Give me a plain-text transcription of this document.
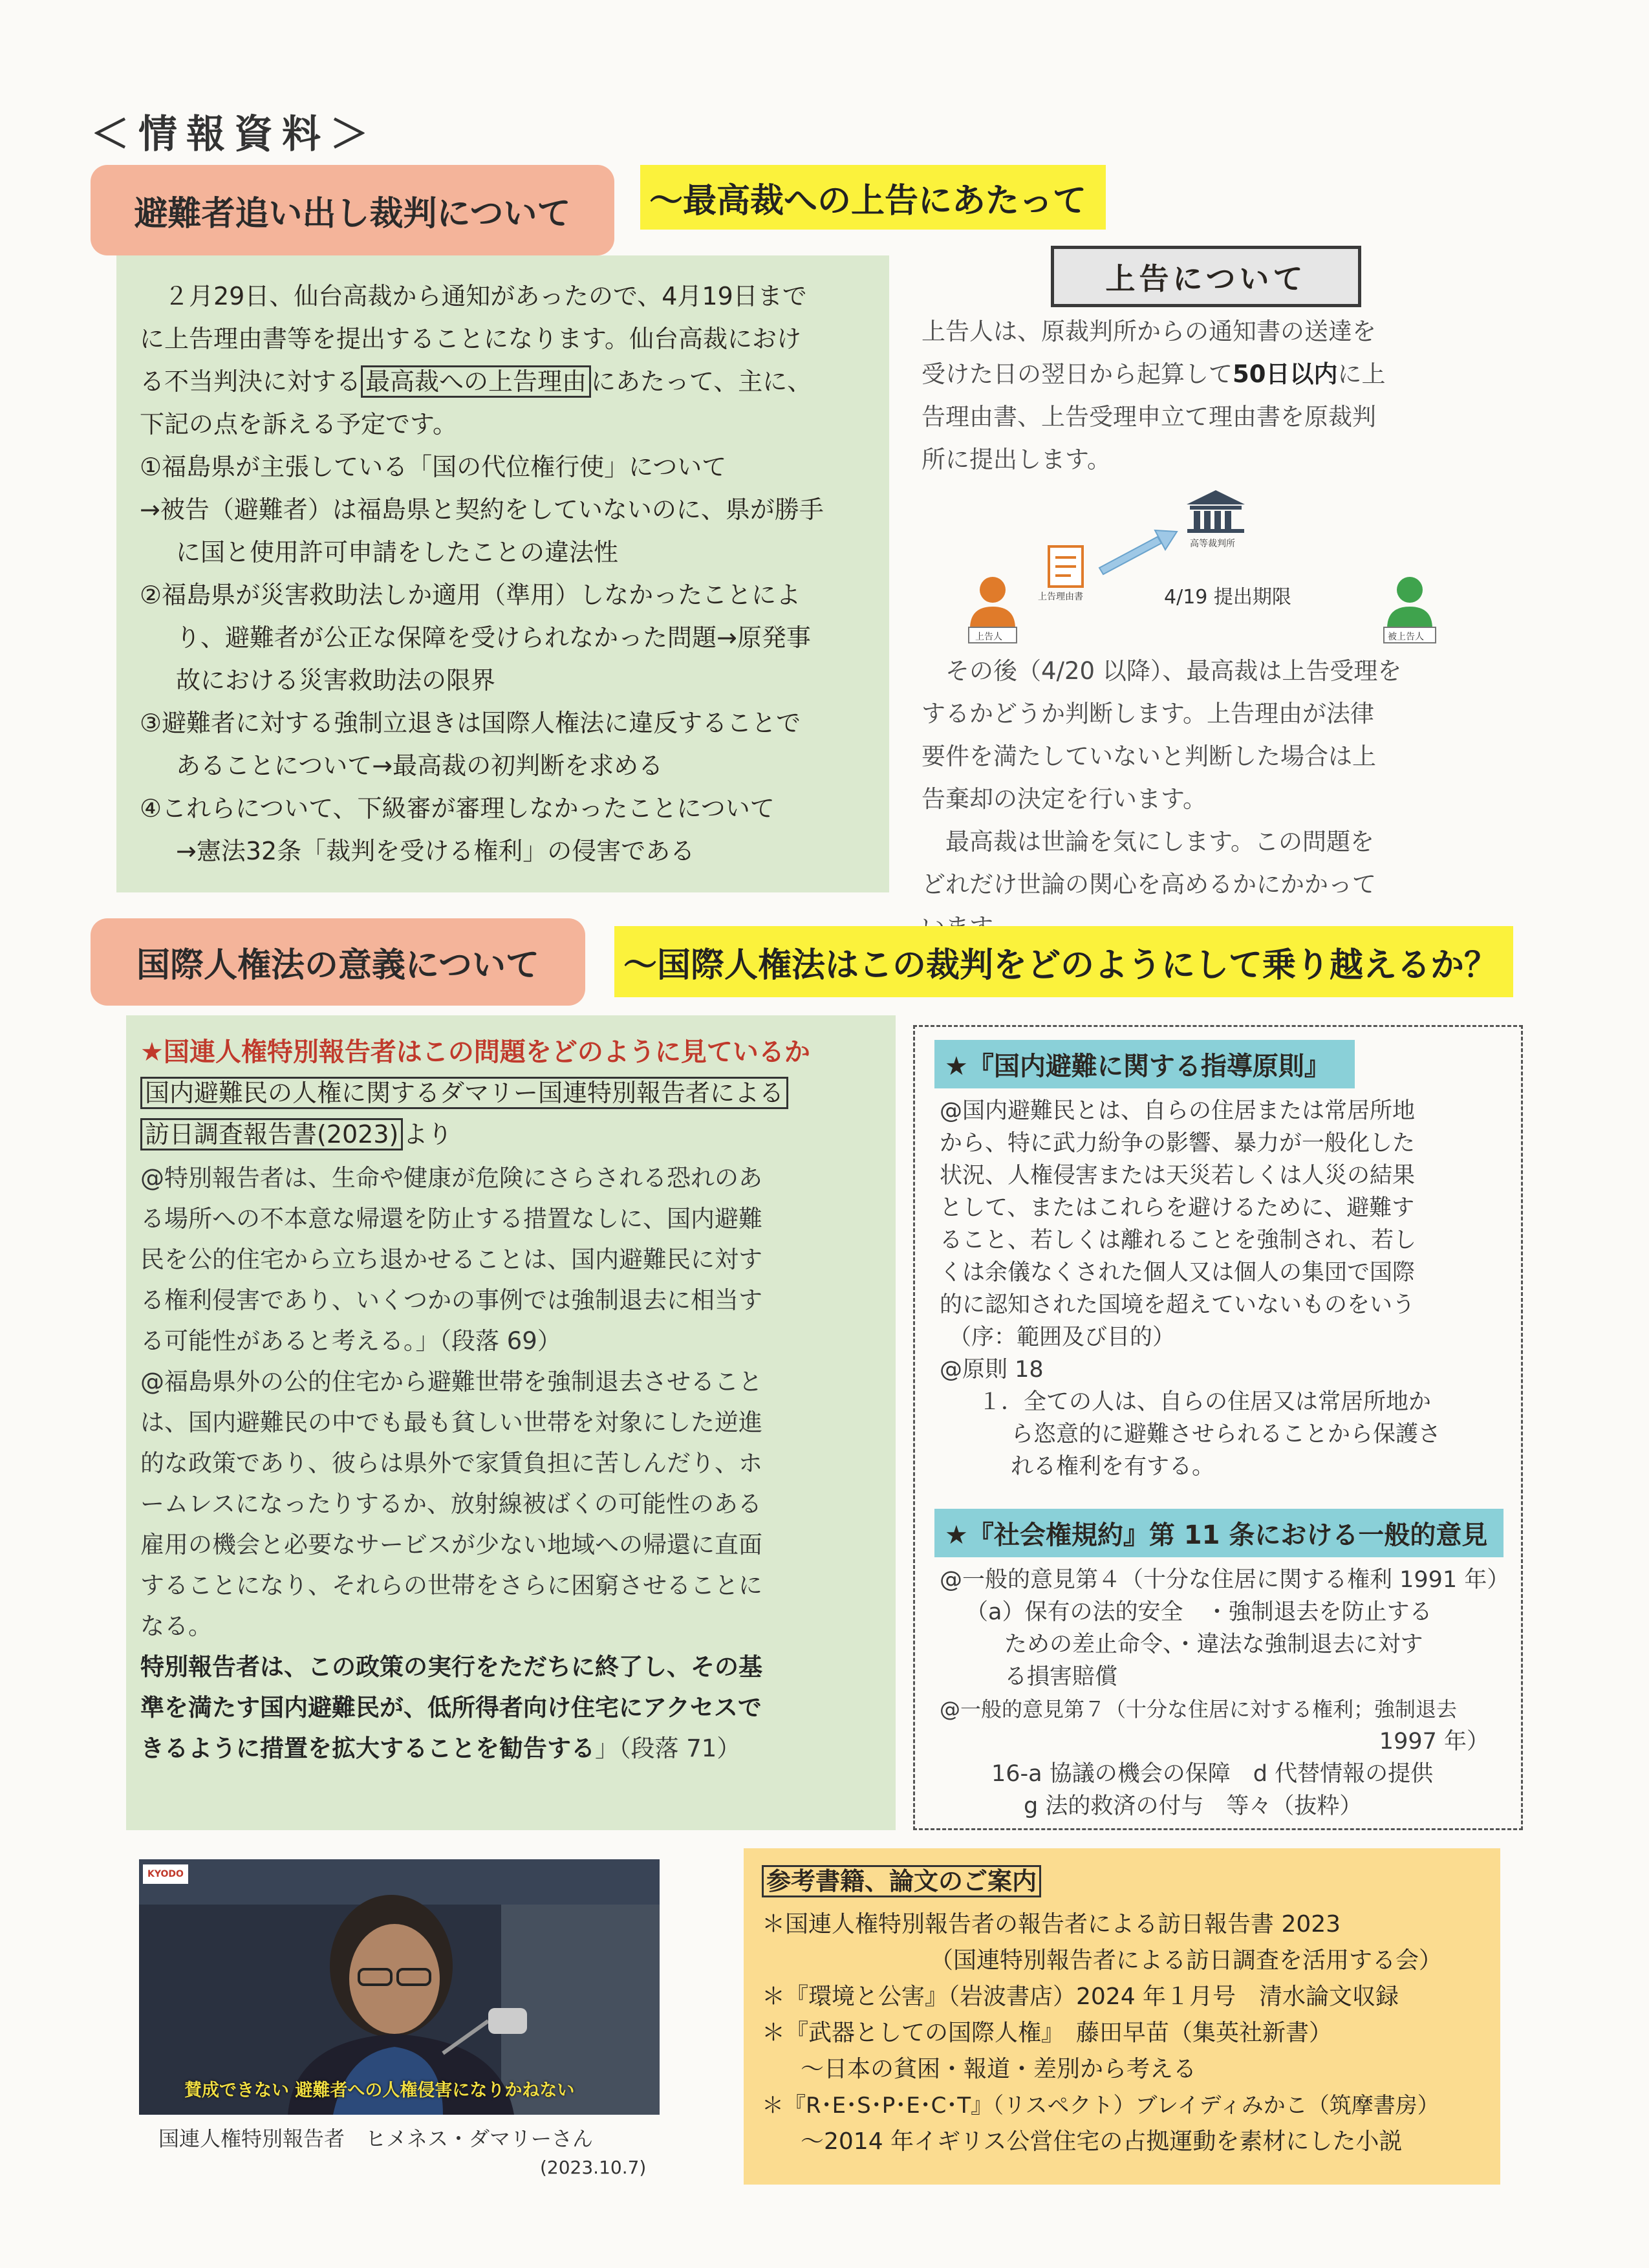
＜情報資料＞
避難者追い出し裁判について	〜最高裁への上告にあたって

　２月29日、仙台高裁から通知があったので、4月19日まで

に上告理由書等を提出することになります。仙台高裁におけ

る不当判決に対する 最高裁への上告理由 にあたって、主に、

下記の点を訴える予定です。

①福島県が主張している「国の代位権行使」について

→被告（避難者）は福島県と契約をしていないのに、県が勝手

に国と使用許可申請をしたことの違法性

②福島県が災害救助法しか適用（準用）しなかったことによ

り、避難者が公正な保障を受けられなかった問題→原発事

故における災害救助法の限界

③避難者に対する強制立退きは国際人権法に違反することで

あることについて→最高裁の初判断を求める

④これらについて、下級審が審理しなかったことについて

→憲法32条「裁判を受ける権利」の侵害である

上告について
上告人は、原裁判所からの通知書の送達を
受けた日の翌日から起算して50日以内に上
告理由書、上告受理申立て理由書を原裁判
所に提出します。
高等裁判所
上告理由書	4/19 提出期限
上告人	被上告人
　その後（4/20 以降）、最高裁は上告受理を
するかどうか判断します。上告理由が法律
要件を満たしていないと判断した場合は上
告棄却の決定を行います。
　最高裁は世論を気にします。この問題を
どれだけ世論の関心を高めるかにかかって
国際人権法の意義について	〜国際人権法はこの裁判をどのようにして乗り越えるか？
★国連人権特別報告者はこの問題をどのように見ているか
国内避難民の人権に関するダマリー国連特別報告者による
訪日調査報告書(2023) より

@特別報告者は、生命や健康が危険にさらされる恐れのあ

る場所への不本意な帰還を防止する措置なしに、国内避難

民を公的住宅から立ち退かせることは、国内避難民に対す

る権利侵害であり、いくつかの事例では強制退去に相当す

る可能性があると考える。」（段落 69）

@福島県外の公的住宅から避難世帯を強制退去させること

は、国内避難民の中でも最も貧しい世帯を対象にした逆進

的な政策であり、彼らは県外で家賃負担に苦しんだり、ホ

ームレスになったりするか、放射線被ばくの可能性のある

雇用の機会と必要なサービスが少ない地域への帰還に直面

することになり、それらの世帯をさらに困窮させることに

なる。

特別報告者は、この政策の実行をただちに終了し、その基

準を満たす国内避難民が、低所得者向け住宅にアクセスで

きるように措置を拡大することを勧告する」（段落 71）

★『国内避難に関する指導原則』
@国内避難民とは、自らの住居または常居所地
から、特に武力紛争の影響、暴力が一般化した
状況、人権侵害または天災若しくは人災の結果
として、またはこれらを避けるために、避難す
ること、若しくは離れることを強制され、若し
くは余儀なくされた個人又は個人の集団で国際
的に認知された国境を超えていないものをいう
（序：範囲及び目的）
@原則 18
１．全ての人は、自らの住居又は常居所地か
ら恣意的に避難させられることから保護さ
れる権利を有する。
★『社会権規約』第 11 条における一般的意見
@一般的意見第４（十分な住居に関する権利 1991 年）
（a）保有の法的安全　・強制退去を防止する
ための差止命令、・違法な強制退去に対す
る損害賠償
@一般的意見第７（十分な住居に対する権利；強制退去
1997 年）
16-a 協議の機会の保障　d 代替情報の提供
g 法的救済の付与　等々（抜粋）
KYODO
賛成できない 避難者への人権侵害になりかねない
国連人権特別報告者　ヒメネス・ダマリーさん
(2023.10.7)
参考書籍、論文のご案内
＊国連人権特別報告者の報告者による訪日報告書 2023
（国連特別報告者による訪日調査を活用する会）
＊『環境と公害』（岩波書店）2024 年１月号　清水論文収録
＊『武器としての国際人権』　藤田早苗（集英社新書）
〜日本の貧困・報道・差別から考える
＊『R･E･S･P･E･C･T』（リスペクト）ブレイディみかこ（筑摩書房）
〜2014 年イギリス公営住宅の占拠運動を素材にした小説
